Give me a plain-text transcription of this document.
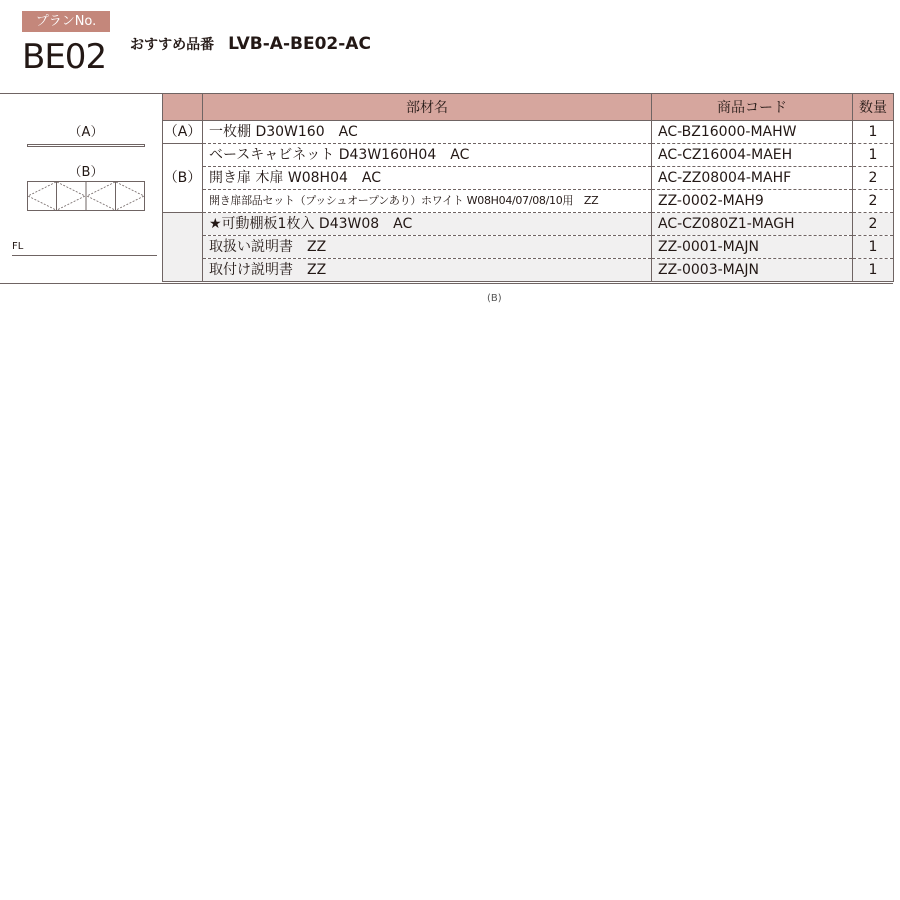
プランNo.
BE02 おすすめ品番 LVB-A-BE02-AC
（A）
（B）
FL
	部材名	商品コード	数量
（A）	一枚棚 D30W160　AC	AC-BZ16000-MAHW	1
（B）	ベースキャビネット D43W160H04　AC	AC-CZ16004-MAEH	1
	開き扉 木扉 W08H04　AC	AC-ZZ08004-MAHF	2
	開き扉部品セット（プッシュオープンあり）ホワイト W08H04/07/08/10用　ZZ	ZZ-0002-MAH9	2
	★可動棚板1枚入 D43W08　AC	AC-CZ080Z1-MAGH	2
	取扱い説明書　ZZ	ZZ-0001-MAJN	1
	取付け説明書　ZZ	ZZ-0003-MAJN	1
(B)
